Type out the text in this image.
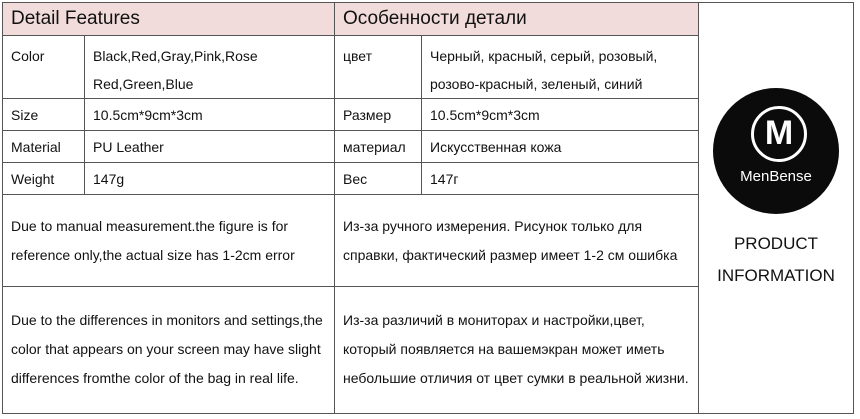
Detail Features		Особенности детали	
Color	Black,Red,Gray,Pink,Rose Red,Green,Blue	цвет	Черный, красный, серый, розовый, розово-красный, зеленый, синий
Size	10.5cm*9cm*3cm	Размер	10.5cm*9cm*3cm
Material	PU Leather	материал	Искусственная кожа
Weight	147g	Вес	147г
Due to manual measurement.the figure is for reference only,the actual size has 1-2cm error		Из-за ручного измерения. Рисунок только для справки, фактический размер имеет 1-2 см ошибка	
Due to the differences in monitors and settings,the color that appears on your screen may have slight differences fromthe color of the bag in real life.		Из-за различий в мониторах и настройки,цвет, который появляется на вашемэкран может иметь небольшие отличия от цвет сумки в реальной жизни.	
M
MenBense
PRODUCT
INFORMATION
